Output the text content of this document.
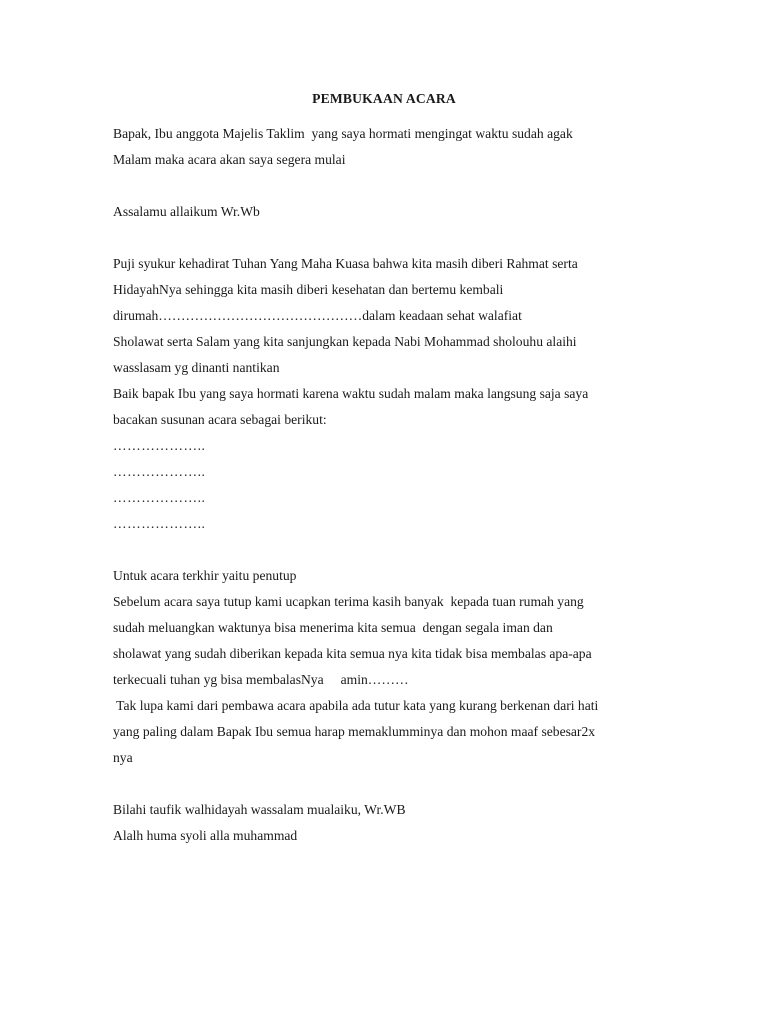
PEMBUKAAN ACARA
Bapak, Ibu anggota Majelis Taklim  yang saya hormati mengingat waktu sudah agak
Malam maka acara akan saya segera mulai
Assalamu allaikum Wr.Wb
Puji syukur kehadirat Tuhan Yang Maha Kuasa bahwa kita masih diberi Rahmat serta
HidayahNya sehingga kita masih diberi kesehatan dan bertemu kembali
dirumah………………………………………dalam keadaan sehat walafiat
Sholawat serta Salam yang kita sanjungkan kepada Nabi Mohammad sholouhu alaihi
wasslasam yg dinanti nantikan
Baik bapak Ibu yang saya hormati karena waktu sudah malam maka langsung saja saya
bacakan susunan acara sebagai berikut:
………………..
………………..
………………..
………………..
Untuk acara terkhir yaitu penutup
Sebelum acara saya tutup kami ucapkan terima kasih banyak  kepada tuan rumah yang
sudah meluangkan waktunya bisa menerima kita semua  dengan segala iman dan
sholawat yang sudah diberikan kepada kita semua nya kita tidak bisa membalas apa-apa
terkecuali tuhan yg bisa membalasNya     amin………
Tak lupa kami dari pembawa acara apabila ada tutur kata yang kurang berkenan dari hati
yang paling dalam Bapak Ibu semua harap memaklumminya dan mohon maaf sebesar2x
nya
Bilahi taufik walhidayah wassalam mualaiku, Wr.WB
Alalh huma syoli alla muhammad
